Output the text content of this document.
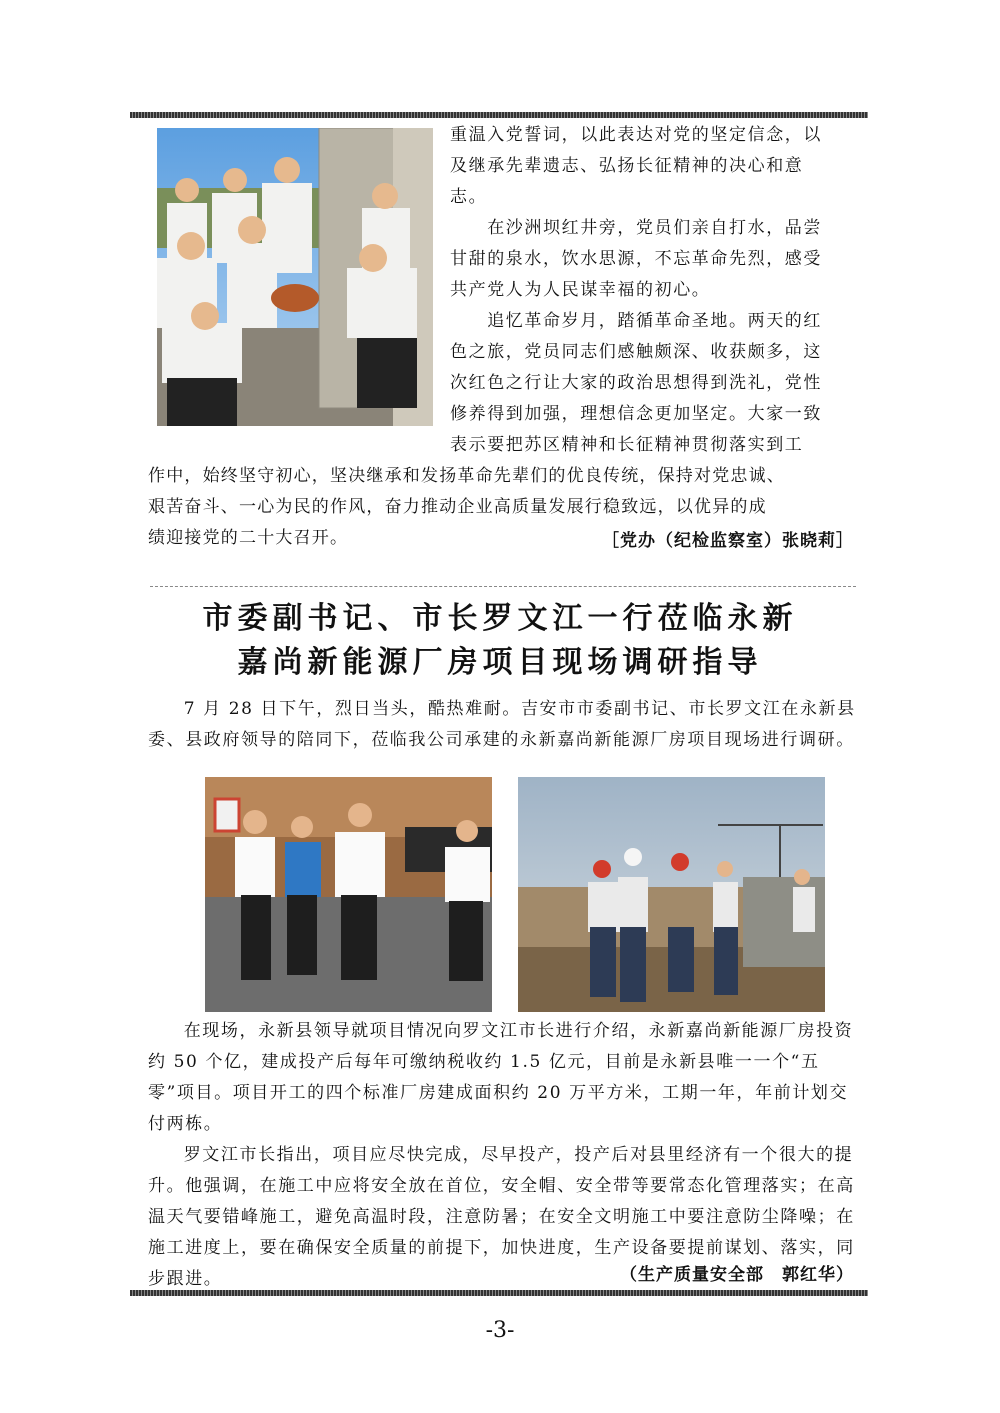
重温入党誓词，以此表达对党的坚定信念，以
及继承先辈遗志、弘扬长征精神的决心和意
志。
　　在沙洲坝红井旁，党员们亲自打水，品尝
甘甜的泉水，饮水思源，不忘革命先烈，感受
共产党人为人民谋幸福的初心。
　　追忆革命岁月，踏循革命圣地。两天的红
色之旅，党员同志们感触颇深、收获颇多，这
次红色之行让大家的政治思想得到洗礼，党性
修养得到加强，理想信念更加坚定。大家一致
表示要把苏区精神和长征精神贯彻落实到工
作中，始终坚守初心，坚决继承和发扬革命先辈们的优良传统，保持对党忠诚、
艰苦奋斗、一心为民的作风，奋力推动企业高质量发展行稳致远，以优异的成
绩迎接党的二十大召开。	［党办（纪检监察室）张晓莉］
市委副书记、市长罗文江一行莅临永新
嘉尚新能源厂房项目现场调研指导

7 月 28 日下午，烈日当头，酷热难耐。吉安市市委副书记、市长罗文江在永新县委、县政府领导的陪同下，莅临我公司承建的永新嘉尚新能源厂房项目现场进行调研。

在现场，永新县领导就项目情况向罗文江市长进行介绍，永新嘉尚新能源厂房投资约 50 个亿，建成投产后每年可缴纳税收约 1.5 亿元，目前是永新县唯一一个“五零”项目。项目开工的四个标准厂房建成面积约 20 万平方米，工期一年，年前计划交付两栋。

罗文江市长指出，项目应尽快完成，尽早投产，投产后对县里经济有一个很大的提升。他强调，在施工中应将安全放在首位，安全帽、安全带等要常态化管理落实；在高温天气要错峰施工，避免高温时段，注意防暑；在安全文明施工中要注意防尘降噪；在施工进度上，要在确保安全质量的前提下，加快进度，生产设备要提前谋划、落实，同步跟进。	（生产质量安全部　郭红华）
-3-
